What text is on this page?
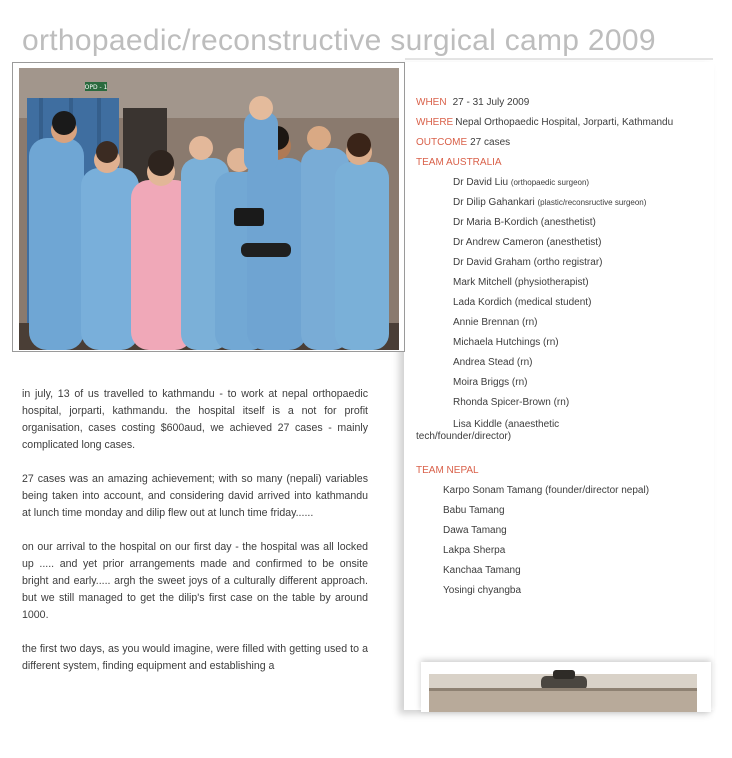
orthopaedic/reconstructive surgical camp 2009
OPD - 1

in july, 13 of us travelled to kathmandu - to work at nepal orthopaedic hospital, jorparti, kathmandu. the hospital itself is a not for profit organisation, cases costing $600aud, we achieved 27 cases - mainly complicated long cases.

27 cases was an amazing achievement; with so many (nepali) variables being taken into account, and considering david arrived into kathmandu at lunch time monday and dilip flew out at lunch time friday......

on our arrival to the hospital on our first day - the hospital was all locked up ..... and yet prior arrangements made and confirmed to be onsite bright and early..... argh the sweet joys of a culturally different approach. but we still managed to get the dilip's first case on the table by around 1000.

the first two days, as you would imagine, were filled with getting used to a different system, finding equipment and establishing a

WHEN 27 - 31 July 2009
WHERE Nepal Orthopaedic Hospital, Jorparti, Kathmandu
OUTCOME 27 cases
TEAM AUSTRALIA
Dr David Liu (orthopaedic surgeon)
Dr Dilip Gahankari (plastic/reconsructive surgeon)
Dr Maria B-Kordich (anesthetist)
Dr Andrew Cameron (anesthetist)
Dr David Graham (ortho registrar)
Mark Mitchell (physiotherapist)
Lada Kordich (medical student)
Annie Brennan (rn)
Michaela Hutchings (rn)
Andrea Stead (rn)
Moira Briggs (rn)
Rhonda Spicer-Brown (rn)
Lisa Kiddle (anaesthetic
tech/founder/director)
TEAM NEPAL
Karpo Sonam Tamang (founder/director nepal)
Babu Tamang
Dawa Tamang
Lakpa Sherpa
Kanchaa Tamang
Yosingi chyangba
